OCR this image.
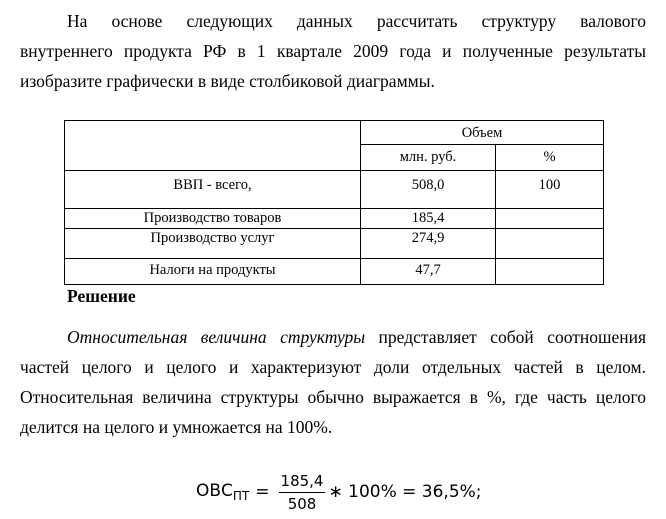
На основе следующих данных рассчитать структуру валового
внутреннего продукта РФ в 1 квартале 2009 года и полученные результаты
изобразите графически в виде столбиковой диаграммы.
	Объем	
	млн. руб.	%
ВВП - всего,	508,0	100
Производство товаров	185,4	
Производство услуг	274,9	
Налоги на продукты	47,7	
Решение
Относительная величина структуры представляет собой соотношения
частей целого и целого и характеризуют доли отдельных частей в целом.
Относительная величина структуры обычно выражается в %, где часть целого
делится на целого и умножается на 100%.
$ОВС_{ПТ} = \frac{185,4}{508}$ ∗ 100% = 36,5%;
